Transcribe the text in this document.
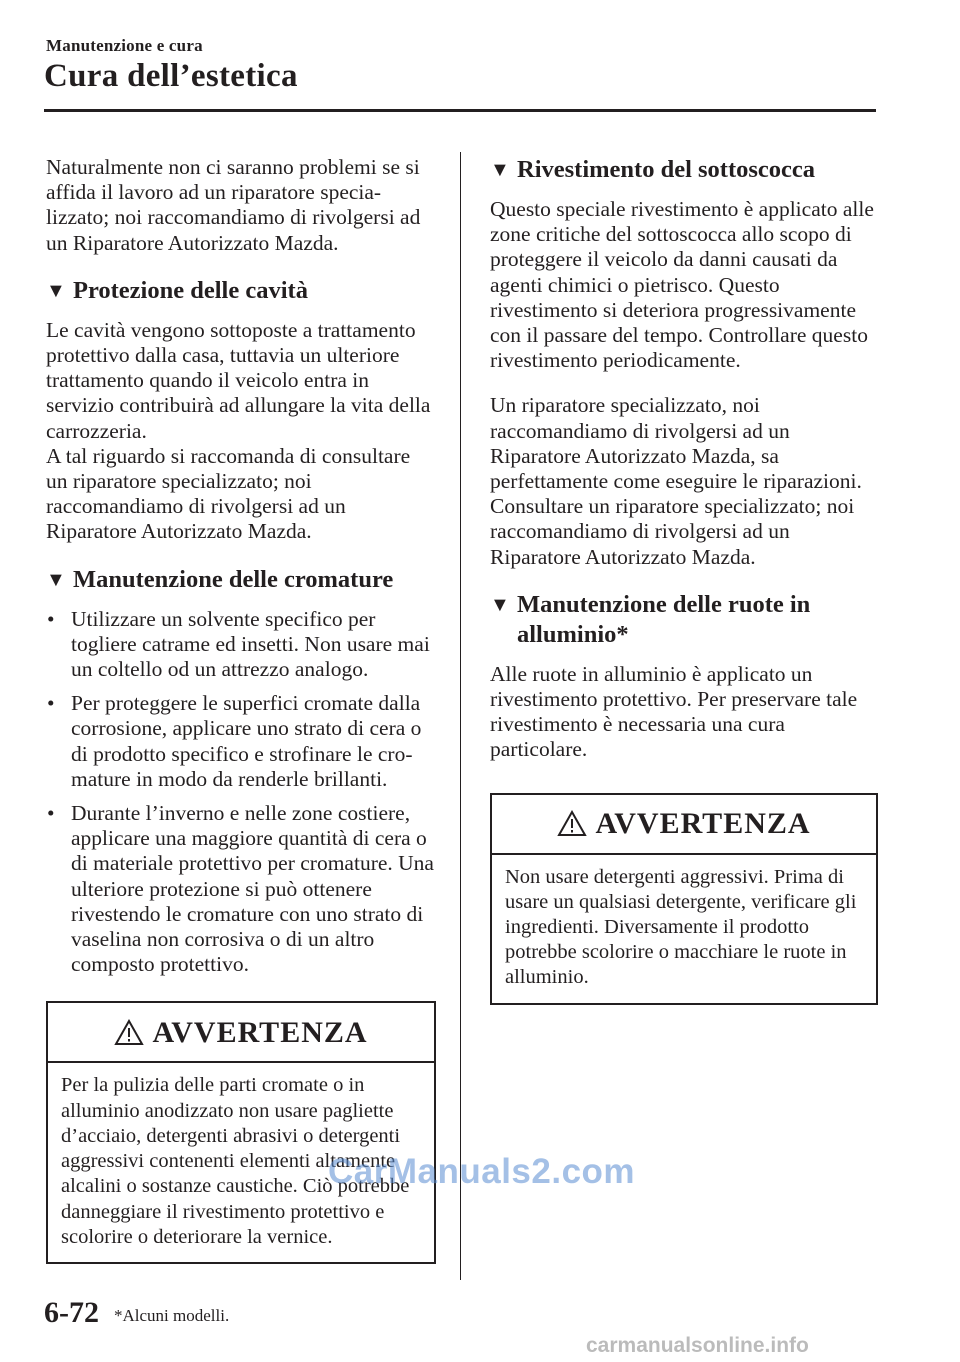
Manutenzione e cura
Cura dell’estetica

Naturalmente non ci saranno problemi se si affida il lavoro ad un riparatore specia-lizzato; noi raccomandiamo di rivolgersi ad un Riparatore Autorizzato Mazda.

▼ Protezione delle cavità

Le cavità vengono sottoposte a trattamento protettivo dalla casa, tuttavia un ulteriore trattamento quando il veicolo entra in servizio contribuirà ad allungare la vita della carrozzeria.

A tal riguardo si raccomanda di consultare un riparatore specializzato; noi raccomandiamo di rivolgersi ad un Riparatore Autorizzato Mazda.

▼ Manutenzione delle cromature
• Utilizzare un solvente specifico per togliere catrame ed insetti. Non usare mai un coltello od un attrezzo analogo.
• Per proteggere le superfici cromate dalla corrosione, applicare uno strato di cera o di prodotto specifico e strofinare le cro-mature in modo da renderle brillanti.
• Durante l’inverno e nelle zone costiere, applicare una maggiore quantità di cera o di materiale protettivo per cromature. Una ulteriore protezione si può ottenere rivestendo le cromature con uno strato di vaselina non corrosiva o di un altro composto protettivo.
AVVERTENZA
Per la pulizia delle parti cromate o in alluminio anodizzato non usare pagliette d’acciaio, detergenti abrasivi o detergenti aggressivi contenenti elementi altamente alcalini o sostanze caustiche. Ciò potrebbe danneggiare il rivestimento protettivo e scolorire o deteriorare la vernice.
▼ Rivestimento del sottoscocca

Questo speciale rivestimento è applicato alle zone critiche del sottoscocca allo scopo di proteggere il veicolo da danni causati da agenti chimici o pietrisco. Questo rivestimento si deteriora progressivamente con il passare del tempo. Controllare questo rivestimento periodicamente.

Un riparatore specializzato, noi raccomandiamo di rivolgersi ad un Riparatore Autorizzato Mazda, sa perfettamente come eseguire le riparazioni. Consultare un riparatore specializzato; noi raccomandiamo di rivolgersi ad un Riparatore Autorizzato Mazda.

▼ Manutenzione delle ruote in alluminio*

Alle ruote in alluminio è applicato un rivestimento protettivo. Per preservare tale rivestimento è necessaria una cura particolare.

AVVERTENZA
Non usare detergenti aggressivi. Prima di usare un qualsiasi detergente, verificare gli ingredienti. Diversamente il prodotto potrebbe scolorire o macchiare le ruote in alluminio.
6-72 *Alcuni modelli.
CarManuals2.com
carmanualsonline.info
